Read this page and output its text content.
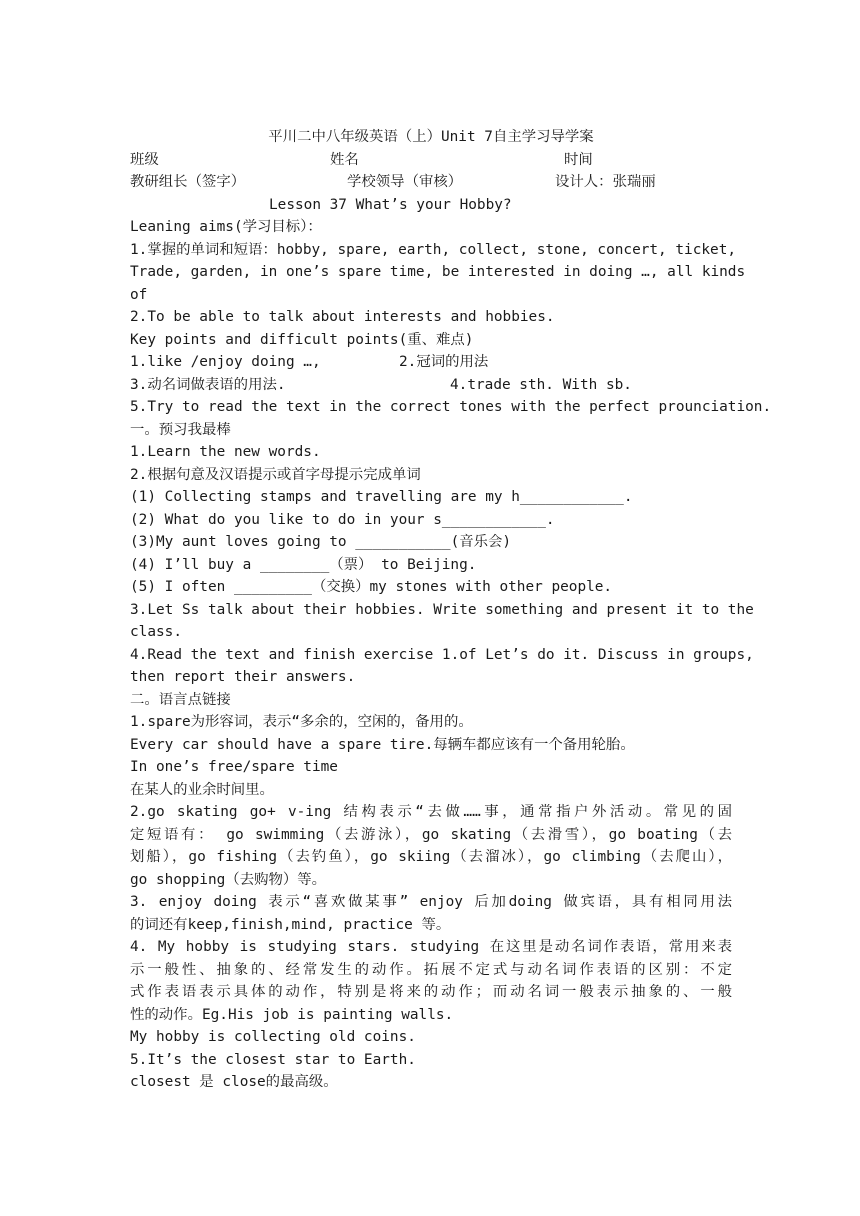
平川二中八年级英语（上）Unit 7自主学习导学案
班级	姓名	时间
教研组长（签字）	学校领导（审核）	设计人：张瑞丽
Lesson 37 What’s your Hobby?
Leaning aims(学习目标）：
1.掌握的单词和短语：hobby, spare, earth, collect, stone, concert, ticket,
Trade, garden, in one’s spare time, be interested in doing …, all kinds
of
2.To be able to talk about interests and hobbies.
Key points and difficult points(重、难点)
1.like /enjoy doing …,	2.冠词的用法
3.动名词做表语的用法.	4.trade sth. With sb.
5.Try to read the text in the correct tones with the perfect prounciation.
一。预习我最棒
1.Learn the new words.
2.根据句意及汉语提示或首字母提示完成单词
(1) Collecting stamps and travelling are my h____________.
(2) What do you like to do in your s____________.
(3)My aunt loves going to ___________(音乐会)
(4) I’ll buy a ________（票） to Beijing.
(5) I often _________（交换）my stones with other people.
3.Let Ss talk about their hobbies. Write something and present it to the
class.
4.Read the text and finish exercise 1.of Let’s do it. Discuss in groups,
then report their answers.
二。语言点链接
1.spare为形容词，表示“多余的，空闲的，备用的。
Every car should have a spare tire.每辆车都应该有一个备用轮胎。
In one’s free/spare time
在某人的业余时间里。
2.go skating go+ v-ing 结构表示“去做……事，通常指户外活动。常见的固
定短语有： go swimming（去游泳），go skating（去滑雪），go boating（去
划船），go fishing（去钓鱼），go skiing（去溜冰），go climbing（去爬山），
go shopping（去购物）等。
3. enjoy doing 表示“喜欢做某事” enjoy 后加doing 做宾语，具有相同用法
的词还有keep,finish,mind, practice 等。
4. My hobby is studying stars. studying 在这里是动名词作表语，常用来表
示一般性、抽象的、经常发生的动作。拓展不定式与动名词作表语的区别：不定
式作表语表示具体的动作，特别是将来的动作；而动名词一般表示抽象的、一般
性的动作。Eg.His job is painting walls.
My hobby is collecting old coins.
5.It’s the closest star to Earth.
closest 是 close的最高级。
